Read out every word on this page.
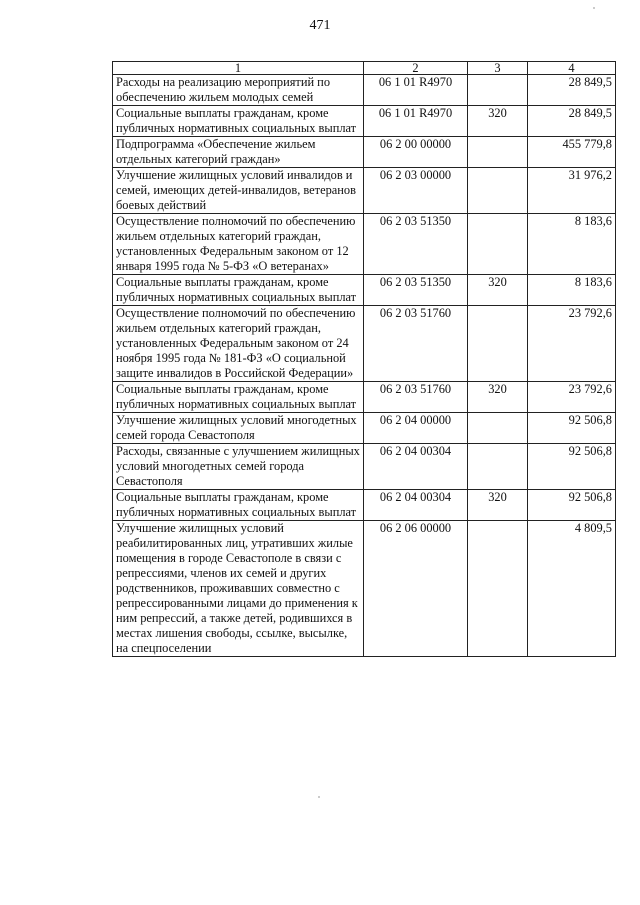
471
1	2	3	4
Расходы на реализацию мероприятий по обеспечению жильем молодых семей	06 1 01 R4970		28 849,5
Социальные выплаты гражданам, кроме публичных нормативных социальных выплат	06 1 01 R4970	320	28 849,5
Подпрограмма «Обеспечение жильем отдельных категорий граждан»	06 2 00 00000		455 779,8
Улучшение жилищных условий инвалидов и семей, имеющих детей-инвалидов, ветеранов боевых действий	06 2 03 00000		31 976,2
Осуществление полномочий по обеспечению жильем отдельных категорий граждан, установленных Федеральным законом от 12 января 1995 года № 5-ФЗ «О ветеранах»	06 2 03 51350		8 183,6
Социальные выплаты гражданам, кроме публичных нормативных социальных выплат	06 2 03 51350	320	8 183,6
Осуществление полномочий по обеспечению жильем отдельных категорий граждан, установленных Федеральным законом от 24 ноября 1995 года № 181-ФЗ «О социальной защите инвалидов в Российской Федерации»	06 2 03 51760		23 792,6
Социальные выплаты гражданам, кроме публичных нормативных социальных выплат	06 2 03 51760	320	23 792,6
Улучшение жилищных условий многодетных семей города Севастополя	06 2 04 00000		92 506,8
Расходы, связанные с улучшением жилищных условий многодетных семей города Севастополя	06 2 04 00304		92 506,8
Социальные выплаты гражданам, кроме публичных нормативных социальных выплат	06 2 04 00304	320	92 506,8
Улучшение жилищных условий реабилитированных лиц, утративших жилые помещения в городе Севастополе в связи с репрессиями, членов их семей и других родственников, проживавших совместно с репрессированными лицами до применения к ним репрессий, а также детей, родившихся в местах лишения свободы, ссылке, высылке, на спецпоселении	06 2 06 00000		4 809,5
